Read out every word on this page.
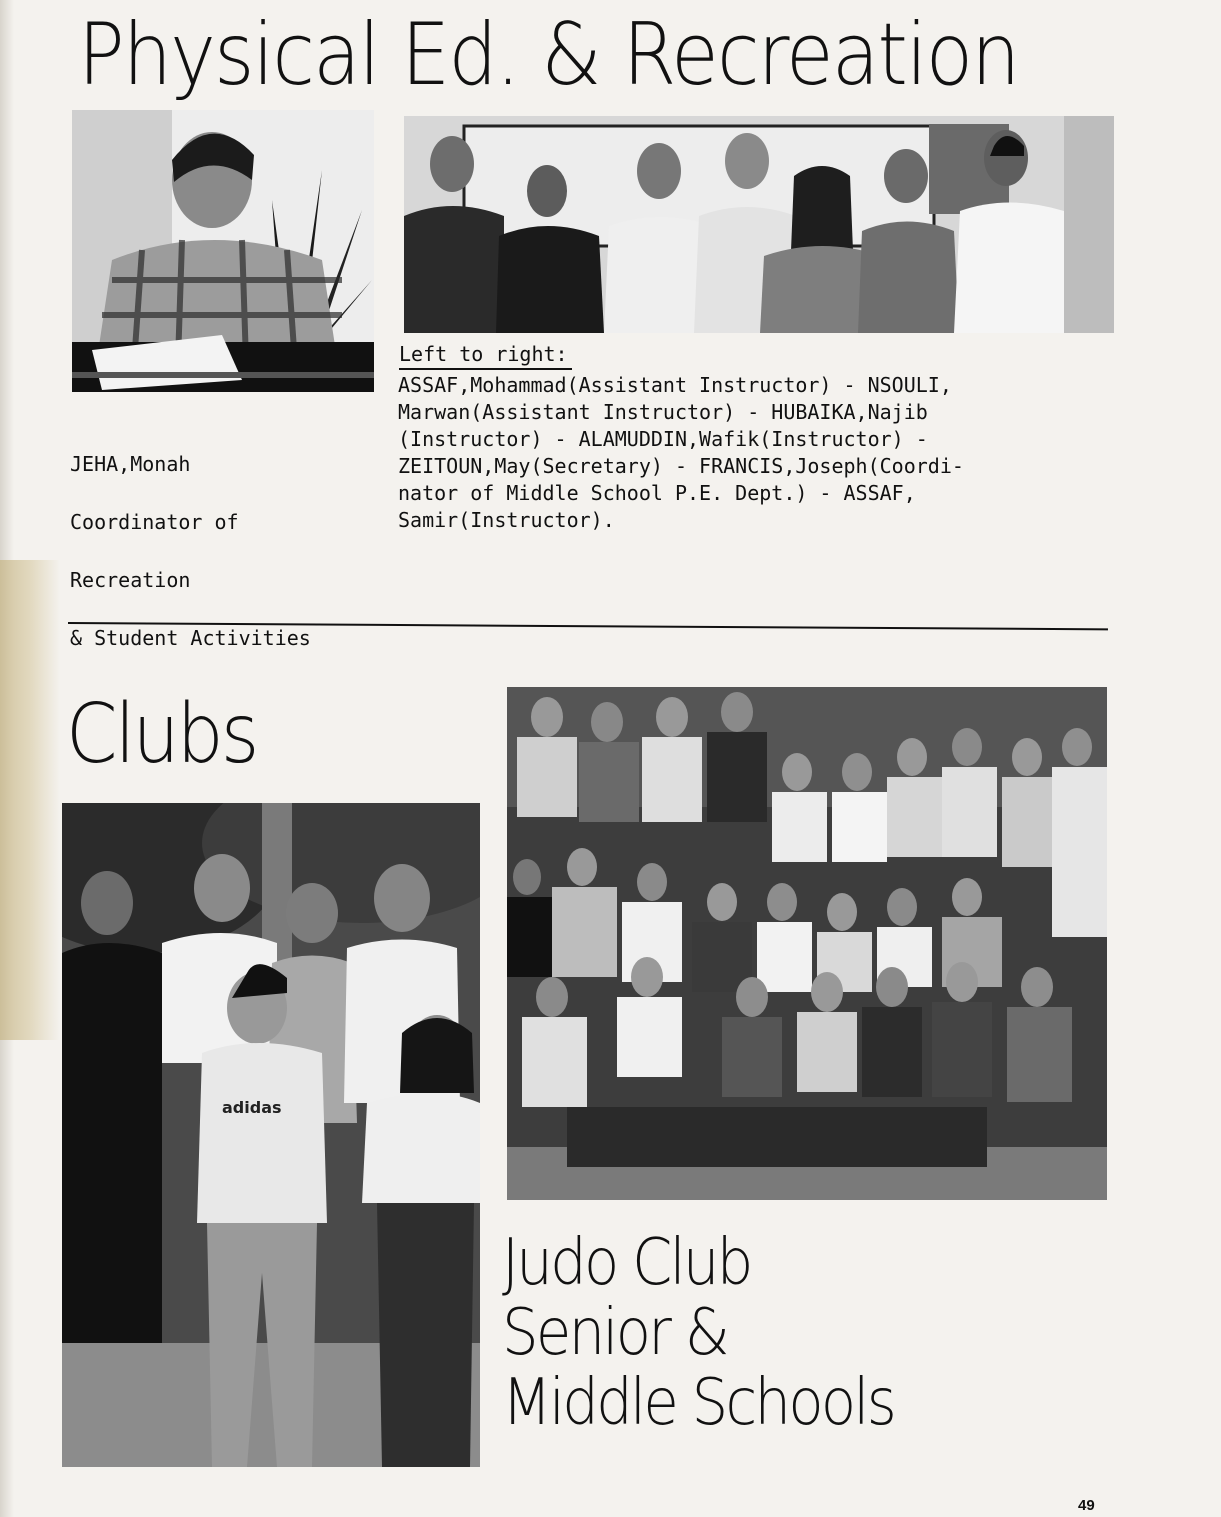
Physical Ed. & Recreation

JEHA,Monah

Coordinator of

Recreation

& Student Activities

Left to right:
ASSAF,Mohammad(Assistant Instructor) - NSOULI,
Marwan(Assistant Instructor) - HUBAIKA,Najib
(Instructor) - ALAMUDDIN,Wafik(Instructor) -
ZEITOUN,May(Secretary) - FRANCIS,Joseph(Coordi-
nator of Middle School P.E. Dept.) - ASSAF,
Samir(Instructor).
Clubs
adidas
Judo Club
Senior &
Middle Schools
49
